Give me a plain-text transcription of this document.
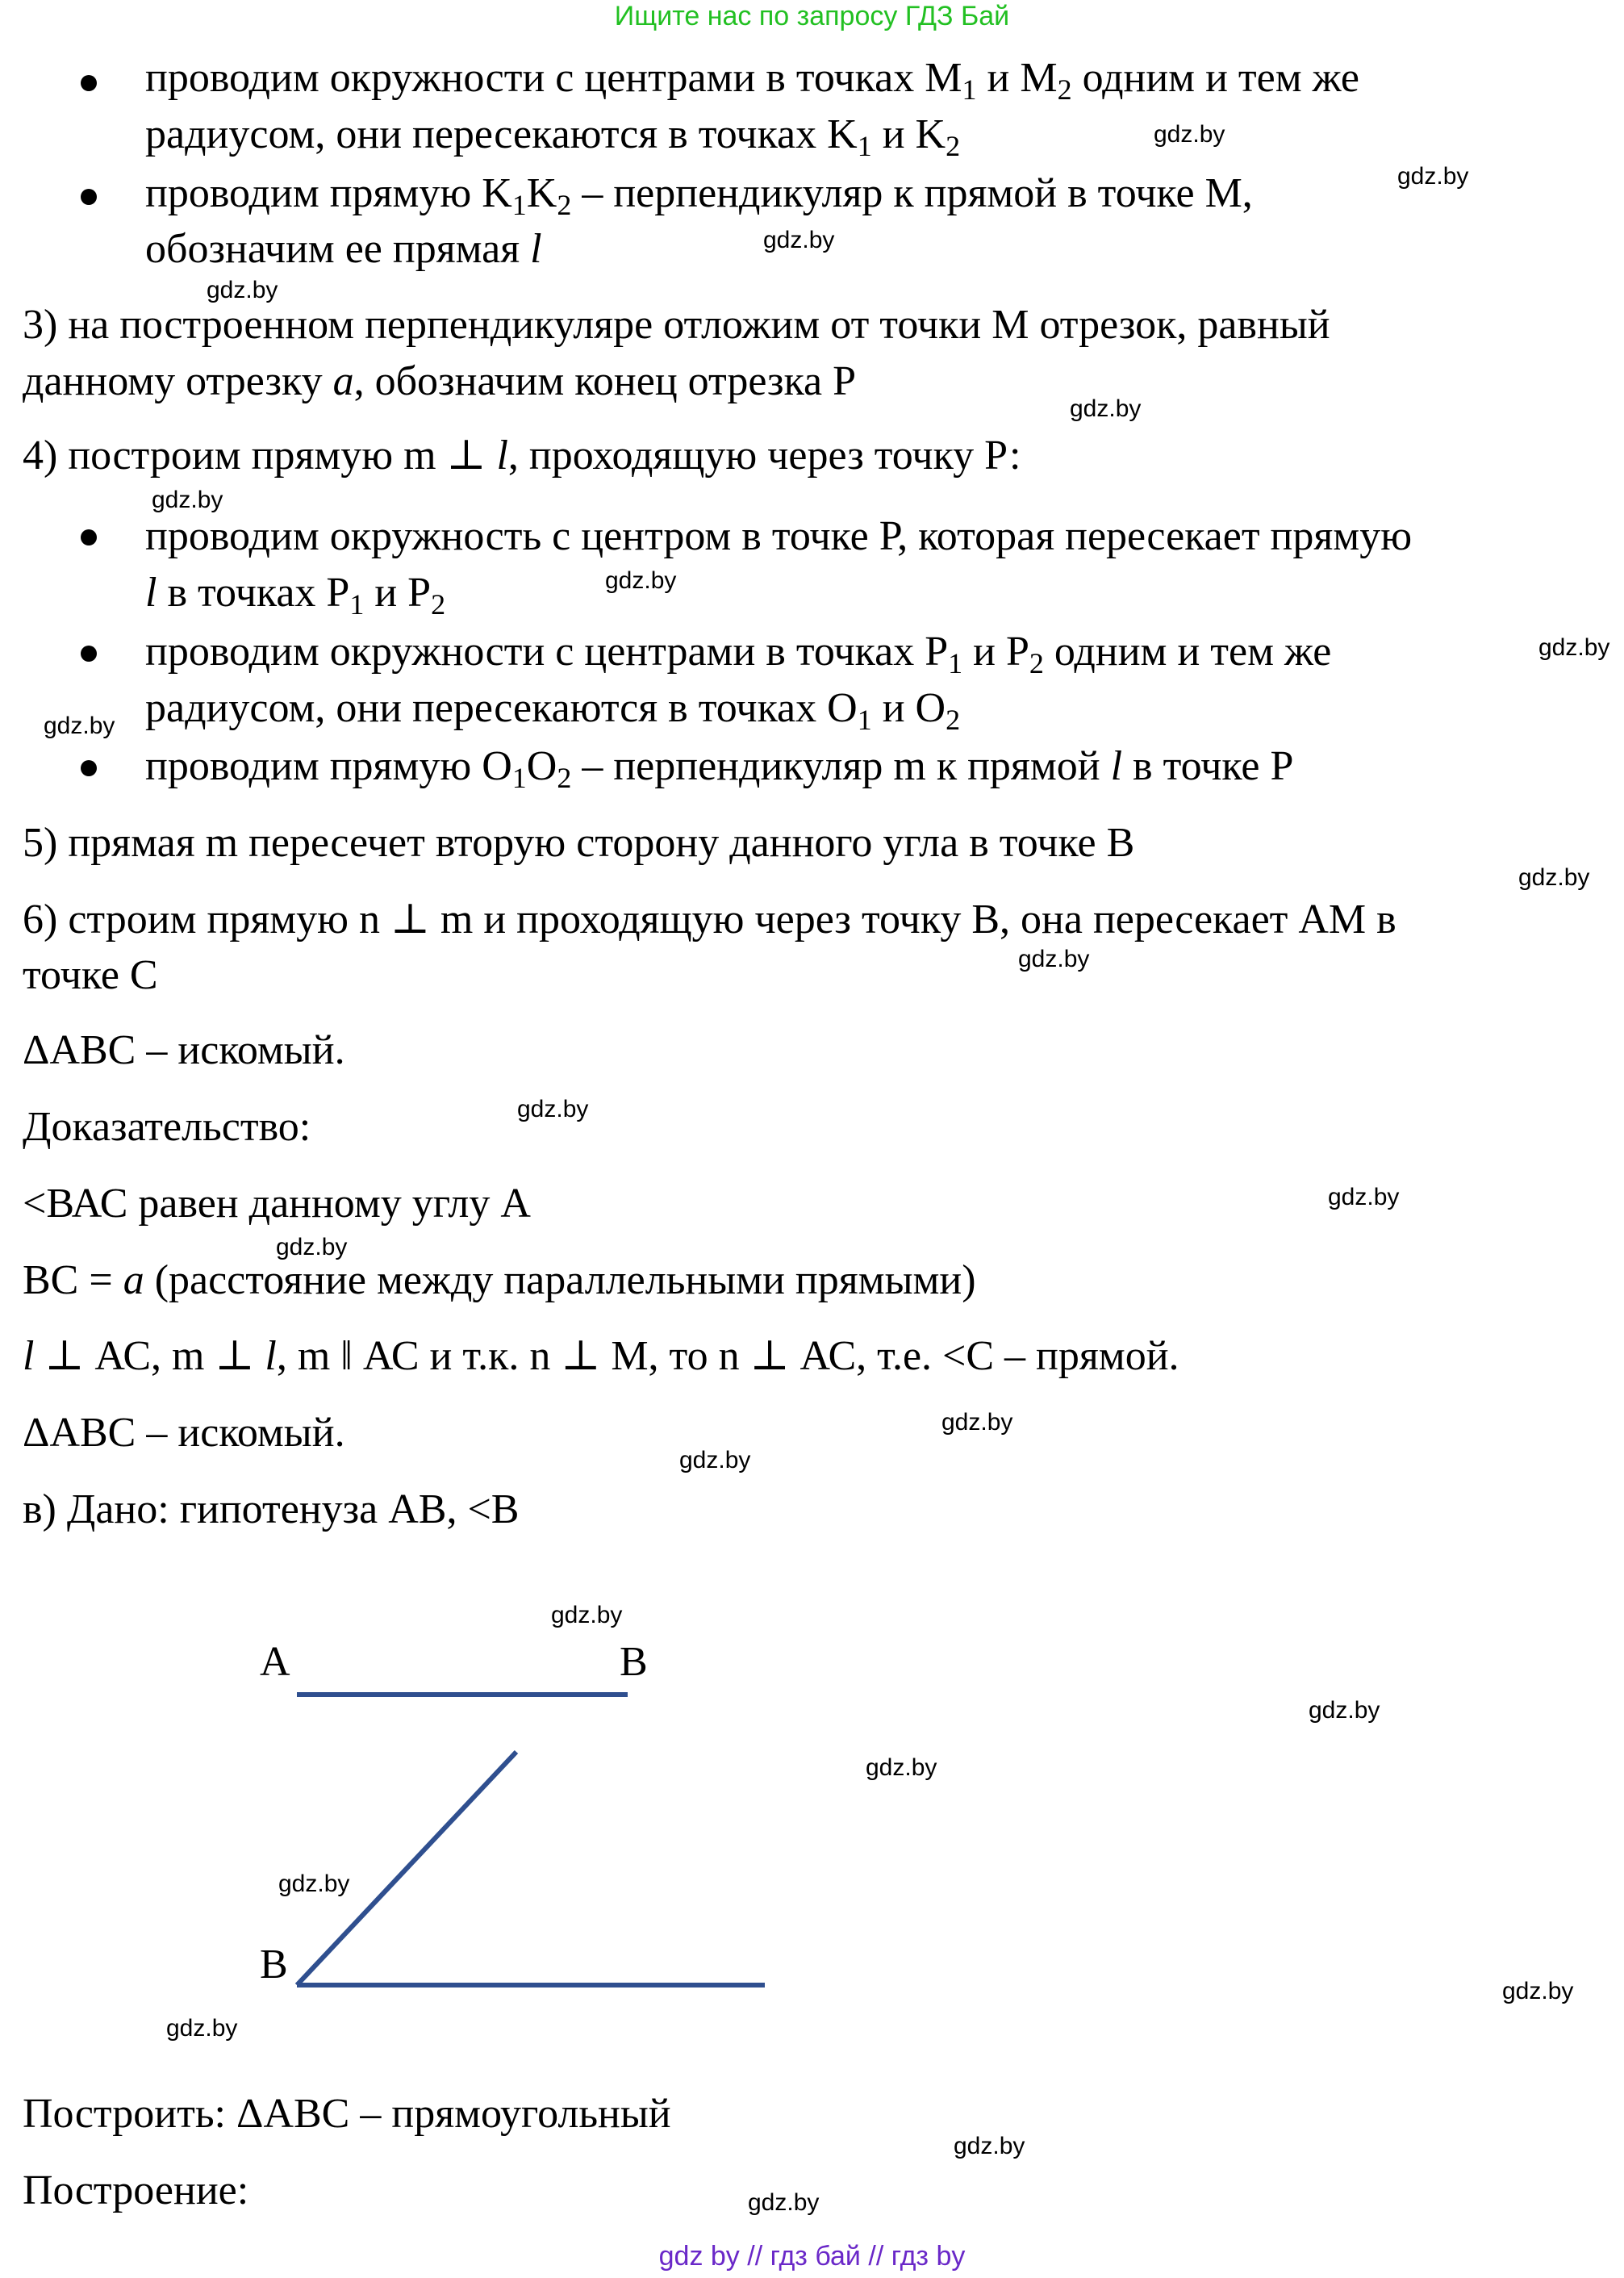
Ищите нас по запросу ГДЗ Бай
проводим окружности с центрами в точках $М_1$ и $М_2$ одним и тем же
радиусом, они пересекаются в точках $K_1$ и $K_2$
проводим прямую $K_1K_2$ – перпендикуляр к прямой в точке М,
обозначим ее прямая l
3) на построенном перпендикуляре отложим от точки М отрезок, равный
данному отрезку a, обозначим конец отрезка Р
4) построим прямую m ⊥ l, проходящую через точку Р:
проводим окружность с центром в точке Р, которая пересекает прямую
l в точках $Р_1$ и $Р_2$
проводим окружности с центрами в точках $Р_1$ и $Р_2$ одним и тем же
радиусом, они пересекаются в точках $О_1$ и $О_2$
проводим прямую $О_1О_2$ – перпендикуляр m к прямой l в точке Р
5) прямая m пересечет вторую сторону данного угла в точке В
6) строим прямую n ⊥ m и проходящую через точку В, она пересекает АМ в
точке С
ΔАВС – искомый.
Доказательство:
<ВАС равен данному углу А
ВС = a (расстояние между параллельными прямыми)
l ⊥ АС, m ⊥ l, m ‖ АС и т.к. n ⊥ М, то n ⊥ АС, т.е. <С – прямой.
ΔАВС – искомый.
в) Дано: гипотенуза АВ, <В
А	В
В
Построить: ΔАВС – прямоугольный
Построение:
gdz.by
gdz.by
gdz.by
gdz.by
gdz.by
gdz.by
gdz.by
gdz.by
gdz.by
gdz.by
gdz.by
gdz.by
gdz.by
gdz.by
gdz.by
gdz.by
gdz.by
gdz.by
gdz.by
gdz.by
gdz.by
gdz.by
gdz.by
gdz.by
gdz by // гдз бай // гдз by
